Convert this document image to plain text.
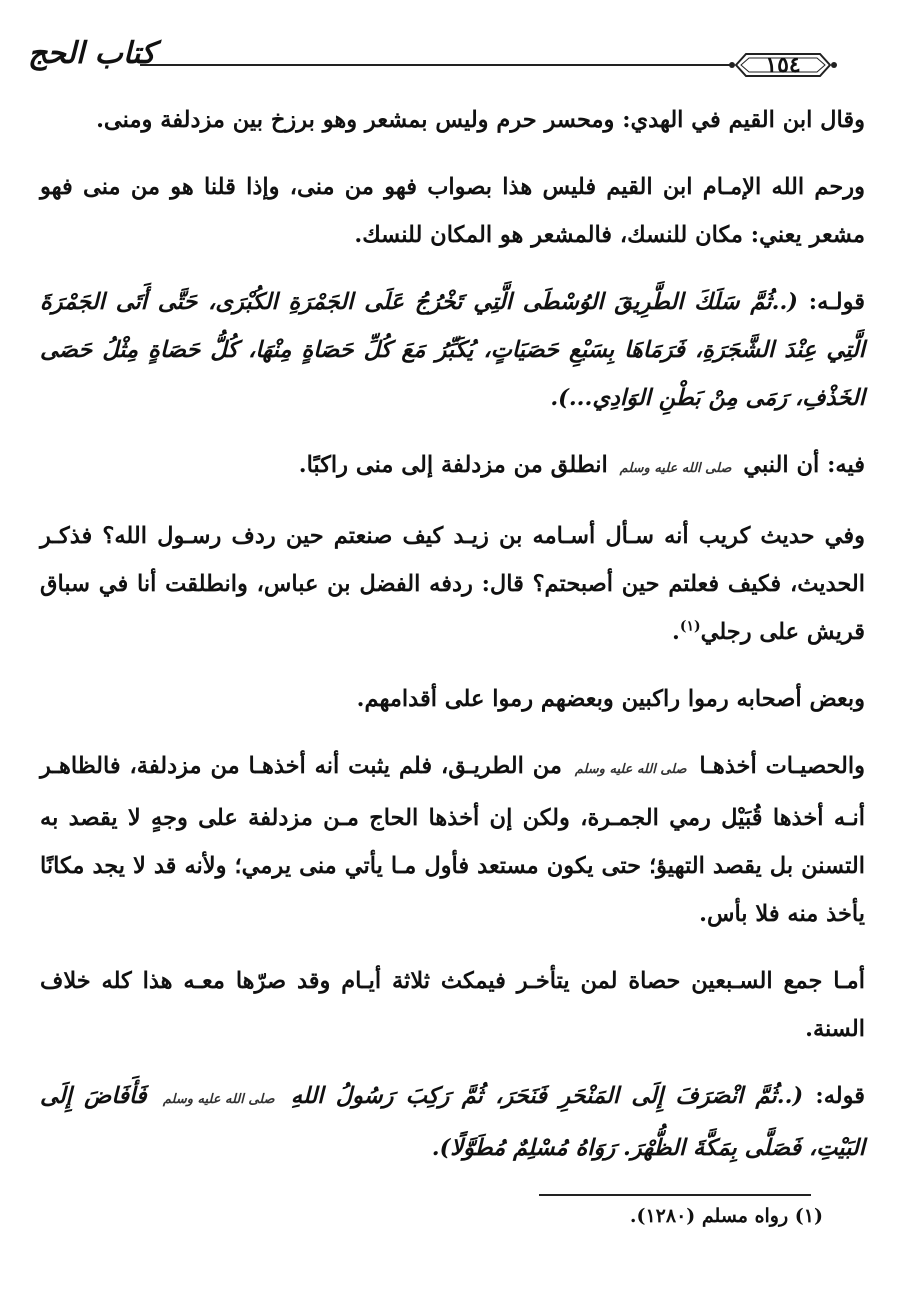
كتاب الحج	١٥٤

وقال ابن القيم في الهدي: ومحسر حرم وليس بمشعر وهو برزخ بين مزدلفة ومنى.

ورحم الله الإمـام ابن القيم فليس هذا بصواب فهو من منى، وإذا قلنا هو من منى فهو مشعر يعني: مكان للنسك، فالمشعر هو المكان للنسك.

قولـه: (..ثُمَّ سَلَكَ الطَّرِيقَ الوُسْطَى الَّتِي تَخْرُجُ عَلَى الجَمْرَةِ الكُبْرَى، حَتَّى أَتَى الجَمْرَةَ الَّتِي عِنْدَ الشَّجَرَةِ، فَرَمَاهَا بِسَبْعِ حَصَيَاتٍ، يُكَبِّرُ مَعَ كُلِّ حَصَاةٍ مِنْهَا، كُلُّ حَصَاةٍ مِثْلُ حَصَى الخَذْفِ، رَمَى مِنْ بَطْنِ الوَادِي...).

فيه: أن النبي صلى الله عليه وسلم انطلق من مزدلفة إلى منى راكبًا.

وفي حديث كريب أنه سـأل أسـامه بن زيـد كيف صنعتم حين ردف رسـول الله؟ فذكـر الحديث، فكيف فعلتم حين أصبحتم؟ قال: ردفه الفضل بن عباس، وانطلقت أنا في سباق قريش على رجلي$^{(١)}$.

وبعض أصحابه رموا راكبين وبعضهم رموا على أقدامهم.

والحصيـات أخذهـا صلى الله عليه وسلم من الطريـق، فلم يثبت أنه أخذهـا من مزدلفة، فالظاهـر أنـه أخذها قُبَيْل رمي الجمـرة، ولكن إن أخذها الحاج مـن مزدلفة على وجهٍ لا يقصد به التسنن بل يقصد التهيؤ؛ حتى يكون مستعد فأول مـا يأتي منى يرمي؛ ولأنه قد لا يجد مكانًا يأخذ منه فلا بأس.

أمـا جمع السـبعين حصاة لمن يتأخـر فيمكث ثلاثة أيـام وقد صرّها معـه هذا كله خلاف السنة.

قوله: (..ثُمَّ انْصَرَفَ إِلَى المَنْحَرِ فَنَحَرَ، ثُمَّ رَكِبَ رَسُولُ اللهِ صلى الله عليه وسلم فَأَفَاضَ إِلَى البَيْتِ، فَصَلَّى بِمَكَّةَ الظُّهْرَ. رَوَاهُ مُسْلِمٌ مُطَوَّلًا).

(١) رواه مسلم (١٢٨٠).
